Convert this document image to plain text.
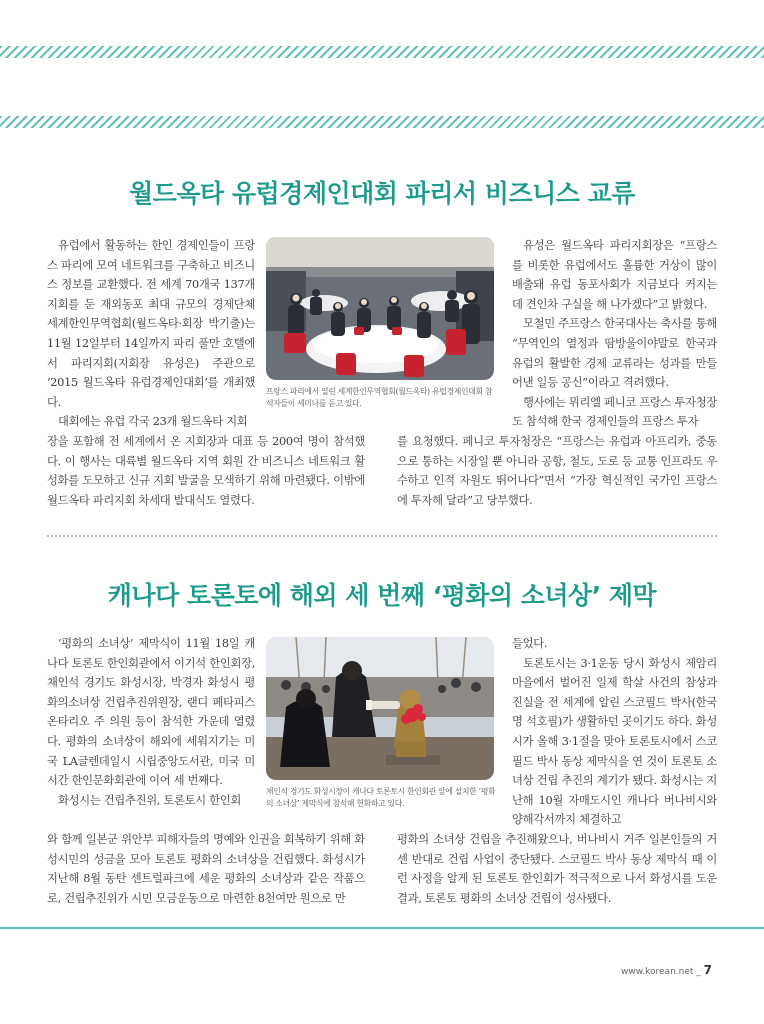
월드옥타 유럽경제인대회 파리서 비즈니스 교류

유럽에서 활동하는 한인 경제인들이 프랑스 파리에 모여 네트워크를 구축하고 비즈니스 정보를 교환했다. 전 세계 70개국 137개 지회를 둔 재외동포 최대 규모의 경제단체 세계한인무역협회(월드옥타·회장 박기출)는 11월 12일부터 14일까지 파리 풀만 호텔에서 파리지회(지회장 유성은) 주관으로 ‘2015 월드옥타 유럽경제인대회’를 개최했다.

대회에는 유럽 각국 23개 월드옥타 지회

프랑스 파리에서 열린 세계한인무역협회(월드옥타) 유럽경제인대회 참석자들이 세미나를 듣고 있다.

유성은 월드옥타 파리지회장은 “프랑스를 비롯한 유럽에서도 훌륭한 거상이 많이 배출돼 유럽 동포사회가 지금보다 커지는 데 견인차 구실을 해 나가겠다”고 밝혔다.

모철민 주프랑스 한국대사는 축사를 통해 “무역인의 열정과 땀방울이야말로 한국과 유럽의 활발한 경제 교류라는 성과를 만들어낸 일등 공신”이라고 격려했다.

행사에는 뮈리엘 페니코 프랑스 투자청장도 참석해 한국 경제인들의 프랑스 투자

장을 포함해 전 세계에서 온 지회장과 대표 등 200여 명이 참석했다. 이 행사는 대륙별 월드옥타 지역 회원 간 비즈니스 네트워크 활성화를 도모하고 신규 지회 발굴을 모색하기 위해 마련됐다. 이밖에 월드옥타 파리지회 차세대 발대식도 열렸다.

를 요청했다. 페니코 투자청장은 “프랑스는 유럽과 아프리카, 중동으로 통하는 시장일 뿐 아니라 공항, 철도, 도로 등 교통 인프라도 우수하고 인적 자원도 뛰어나다”면서 “가장 혁신적인 국가인 프랑스에 투자해 달라”고 당부했다.

캐나다 토론토에 해외 세 번째 ‘평화의 소녀상’ 제막

‘평화의 소녀상’ 제막식이 11월 18일 캐나다 토론토 한인회관에서 이기석 한인회장, 채인석 경기도 화성시장, 박경자 화성시 평화의소녀상 건립추진위원장, 랜디 페타피스 온타리오 주 의원 등이 참석한 가운데 열렸다. 평화의 소녀상이 해외에 세워지기는 미국 LA글렌데일시 시립중앙도서관, 미국 미시간 한인문화회관에 이어 세 번째다.

화성시는 건립추진위, 토론토시 한인회

채인석 경기도 화성시장이 캐나다 토론토시 한인회관 앞에 설치한 ‘평화의 소녀상’ 제막식에 참석해 헌화하고 있다.

들었다.

토론토시는 3·1운동 당시 화성시 제암리 마을에서 벌어진 일제 학살 사건의 참상과 진실을 전 세계에 알린 스코필드 박사(한국명 석호필)가 생활하던 곳이기도 하다. 화성시가 올해 3·1절을 맞아 토론토시에서 스코필드 박사 동상 제막식을 연 것이 토론토 소녀상 건립 추진의 계기가 됐다. 화성시는 지난해 10월 자매도시인 캐나다 버나비시와 양해각서까지 체결하고

와 함께 일본군 위안부 피해자들의 명예와 인권을 회복하기 위해 화성시민의 성금을 모아 토론토 평화의 소녀상을 건립했다. 화성시가 지난해 8월 동탄 센트럴파크에 세운 평화의 소녀상과 같은 작품으로, 건립추진위가 시민 모금운동으로 마련한 8천여만 원으로 만

평화의 소녀상 건립을 추진해왔으나, 버나비시 거주 일본인들의 거센 반대로 건립 사업이 중단됐다. 스코필드 박사 동상 제막식 때 이런 사정을 알게 된 토론토 한인회가 적극적으로 나서 화성시를 도운 결과, 토론토 평화의 소녀상 건립이 성사됐다.

www.korean.net _ 7
